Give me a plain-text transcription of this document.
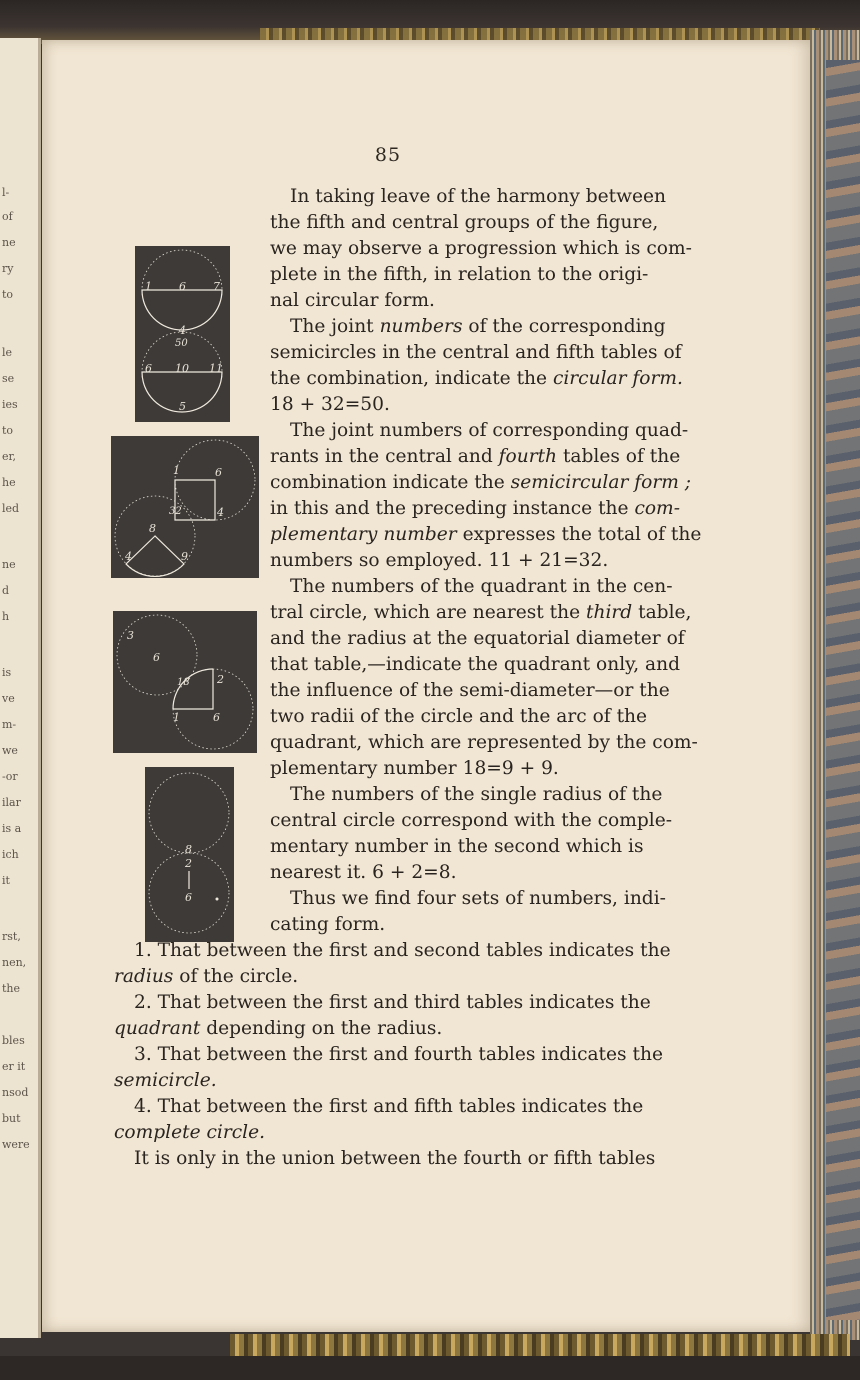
l-
of
ne
ry
to
le
se
ies
to
er,
he
led
ne
d
h
is
ve
m-
we
-or
ilar
is a
ich
it
rst,
nen,
the
bles
er it
nsod
but
were
85
1 6 7
4
50
6 10 11
5
1	6
32	4
8
4	9
3
6
18 2
1	6
8
2
6
In taking leave of the harmony between
the fifth and central groups of the figure,
we may observe a progression which is com-
plete in the fifth, in relation to the origi-
nal circular form.
The joint numbers of the corresponding
semicircles in the central and fifth tables of
the combination, indicate the circular form.
18 + 32=50.
The joint numbers of corresponding quad-
rants in the central and fourth tables of the
combination indicate the semicircular form ;
in this and the preceding instance the com-
plementary number expresses the total of the
numbers so employed. 11 + 21=32.
The numbers of the quadrant in the cen-
tral circle, which are nearest the third table,
and the radius at the equatorial diameter of
that table,—indicate the quadrant only, and
the influence of the semi-diameter—or the
two radii of the circle and the arc of the
quadrant, which are represented by the com-
plementary number 18=9 + 9.
The numbers of the single radius of the
central circle correspond with the comple-
mentary number in the second which is
nearest it. 6 + 2=8.
Thus we find four sets of numbers, indi-
cating form.
1. That between the first and second tables indicates the
radius of the circle.
2. That between the first and third tables indicates the
quadrant depending on the radius.
3. That between the first and fourth tables indicates the
semicircle.
4. That between the first and fifth tables indicates the
complete circle.
It is only in the union between the fourth or fifth tables
